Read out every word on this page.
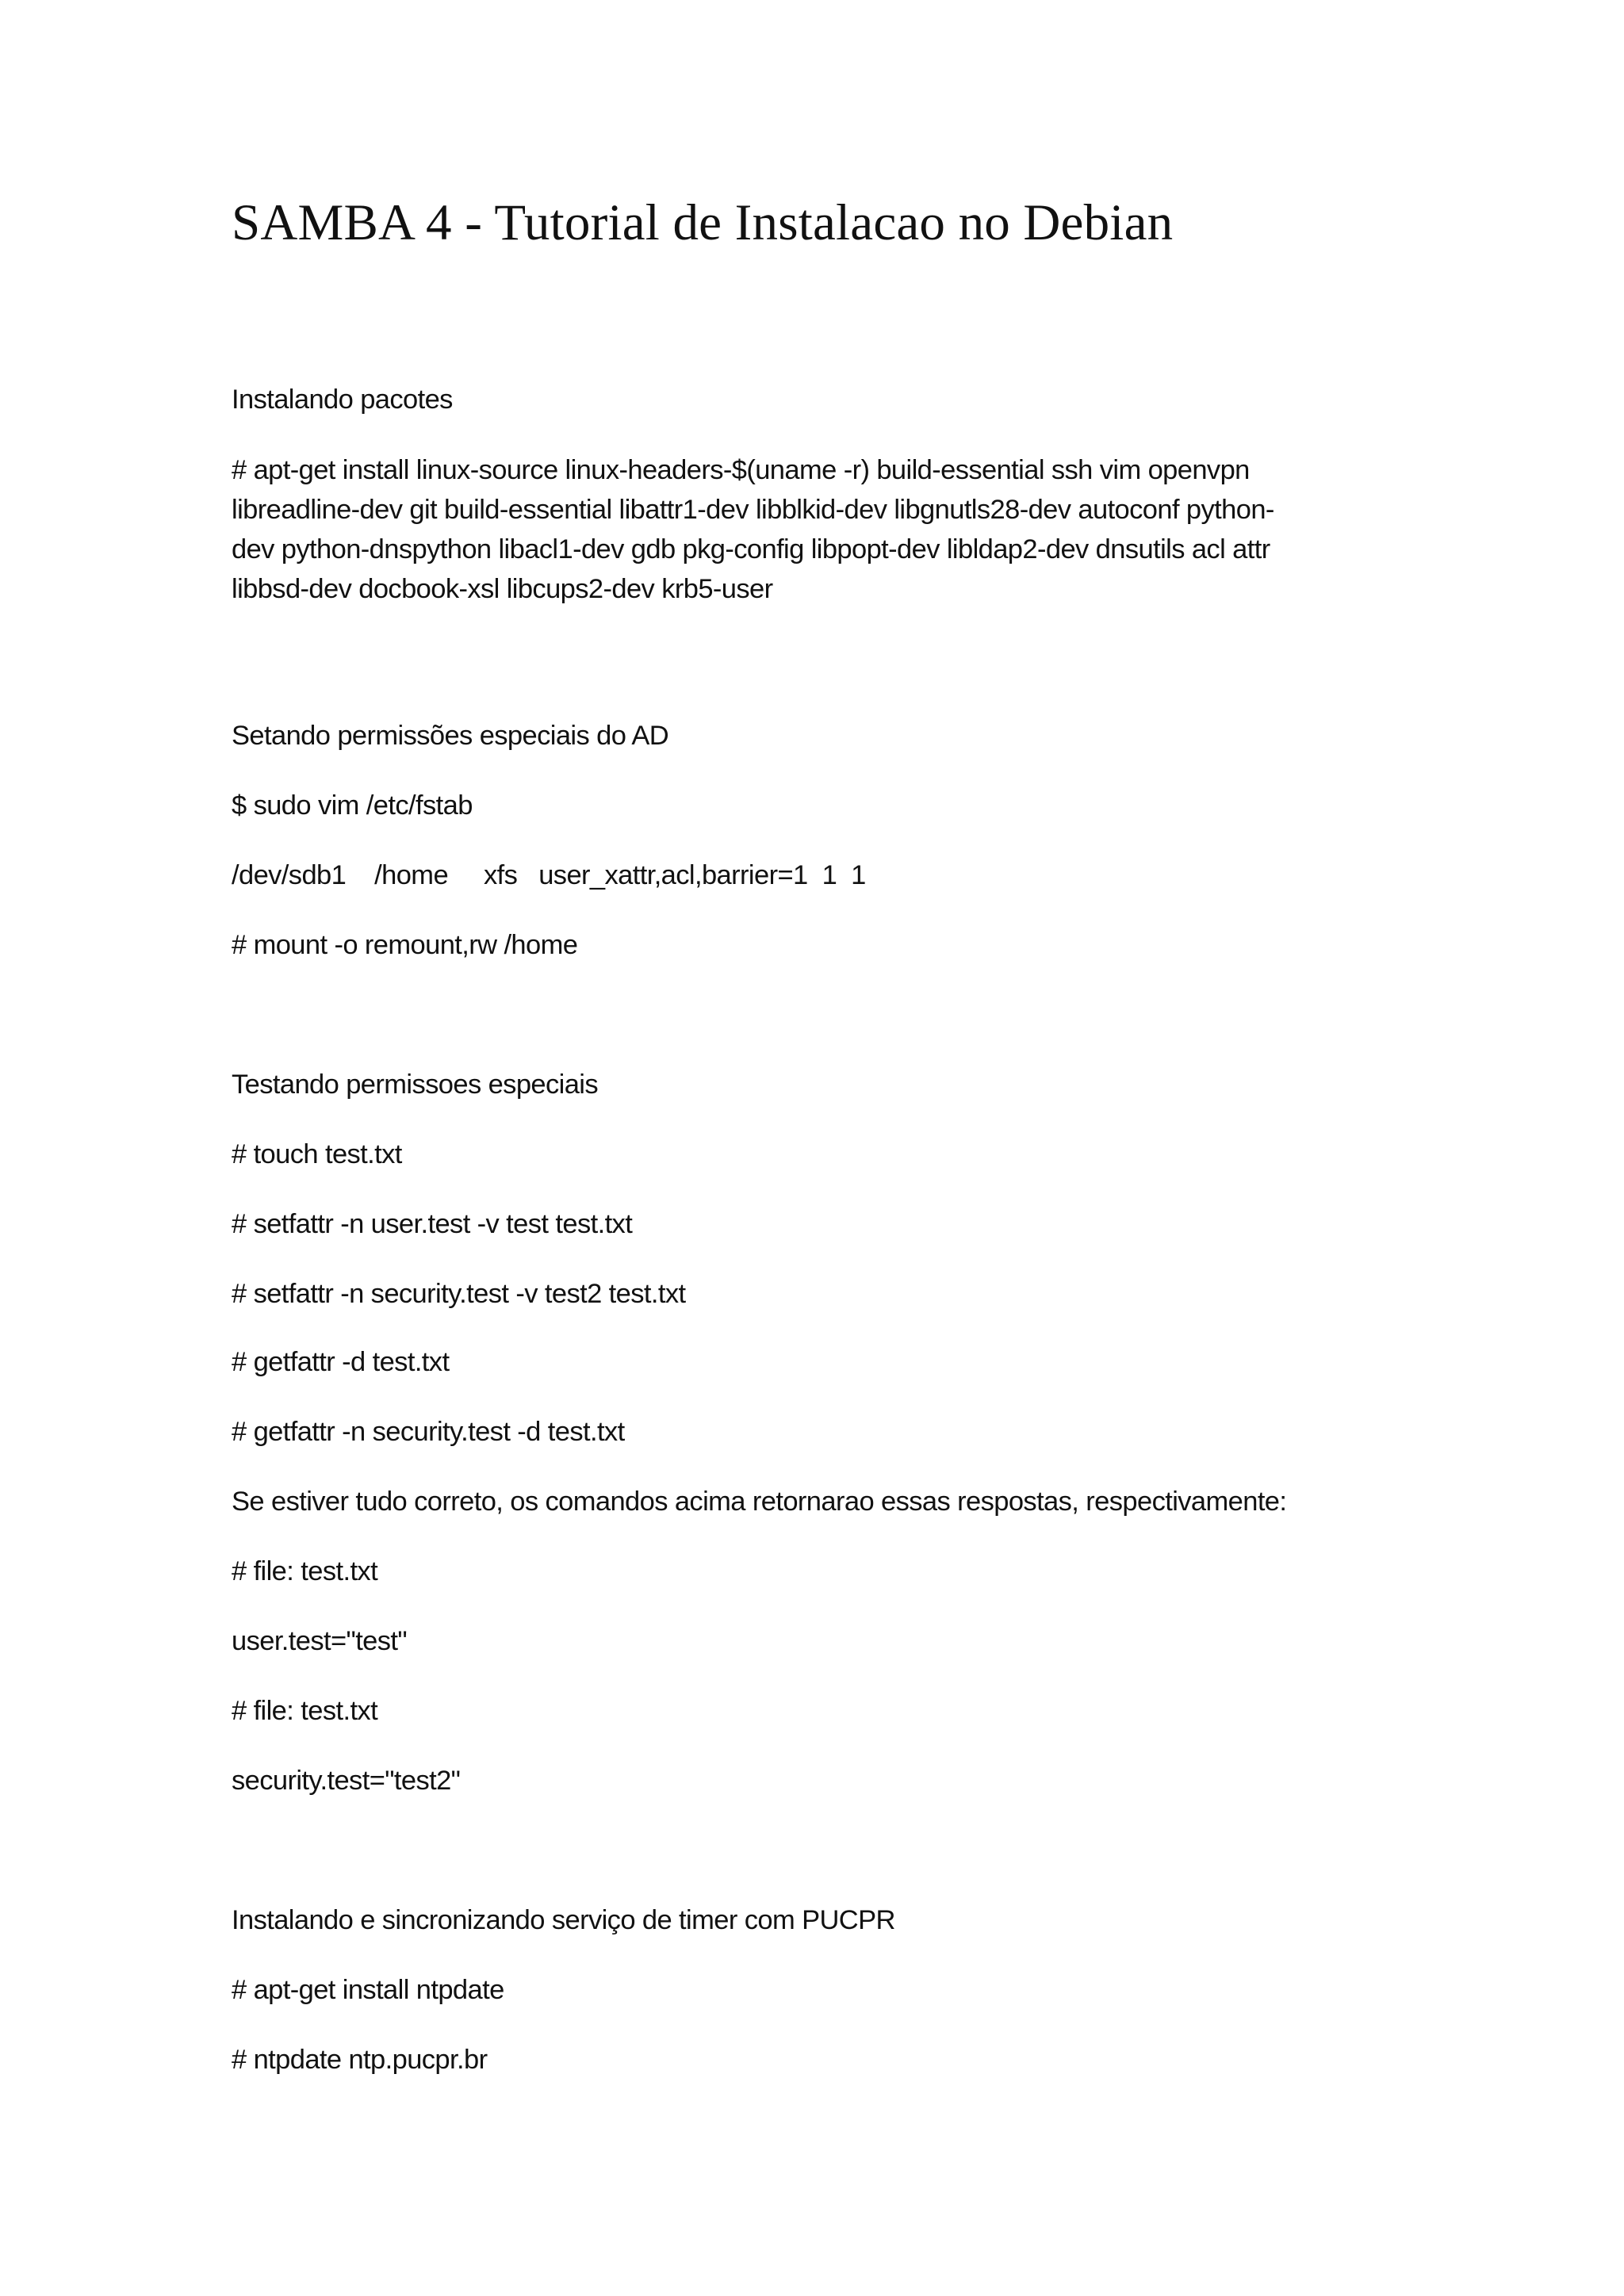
SAMBA 4 - Tutorial de Instalacao no Debian

Instalando pacotes

# apt-get install linux-source linux-headers-$(uname -r) build-essential ssh vim openvpn
libreadline-dev git build-essential libattr1-dev libblkid-dev libgnutls28-dev autoconf python-
dev python-dnspython libacl1-dev gdb pkg-config libpopt-dev libldap2-dev dnsutils acl attr
libbsd-dev docbook-xsl libcups2-dev krb5-user

Setando permissões especiais do AD

$ sudo vim /etc/fstab

/dev/sdb1    /home     xfs   user_xattr,acl,barrier=1  1  1

# mount -o remount,rw /home

Testando permissoes especiais

# touch test.txt

# setfattr -n user.test -v test test.txt

# setfattr -n security.test -v test2 test.txt

# getfattr -d test.txt

# getfattr -n security.test -d test.txt

Se estiver tudo correto, os comandos acima retornarao essas respostas, respectivamente:

# file: test.txt

user.test="test"

# file: test.txt

security.test="test2"

Instalando e sincronizando serviço de timer com PUCPR

# apt-get install ntpdate

# ntpdate ntp.pucpr.br
